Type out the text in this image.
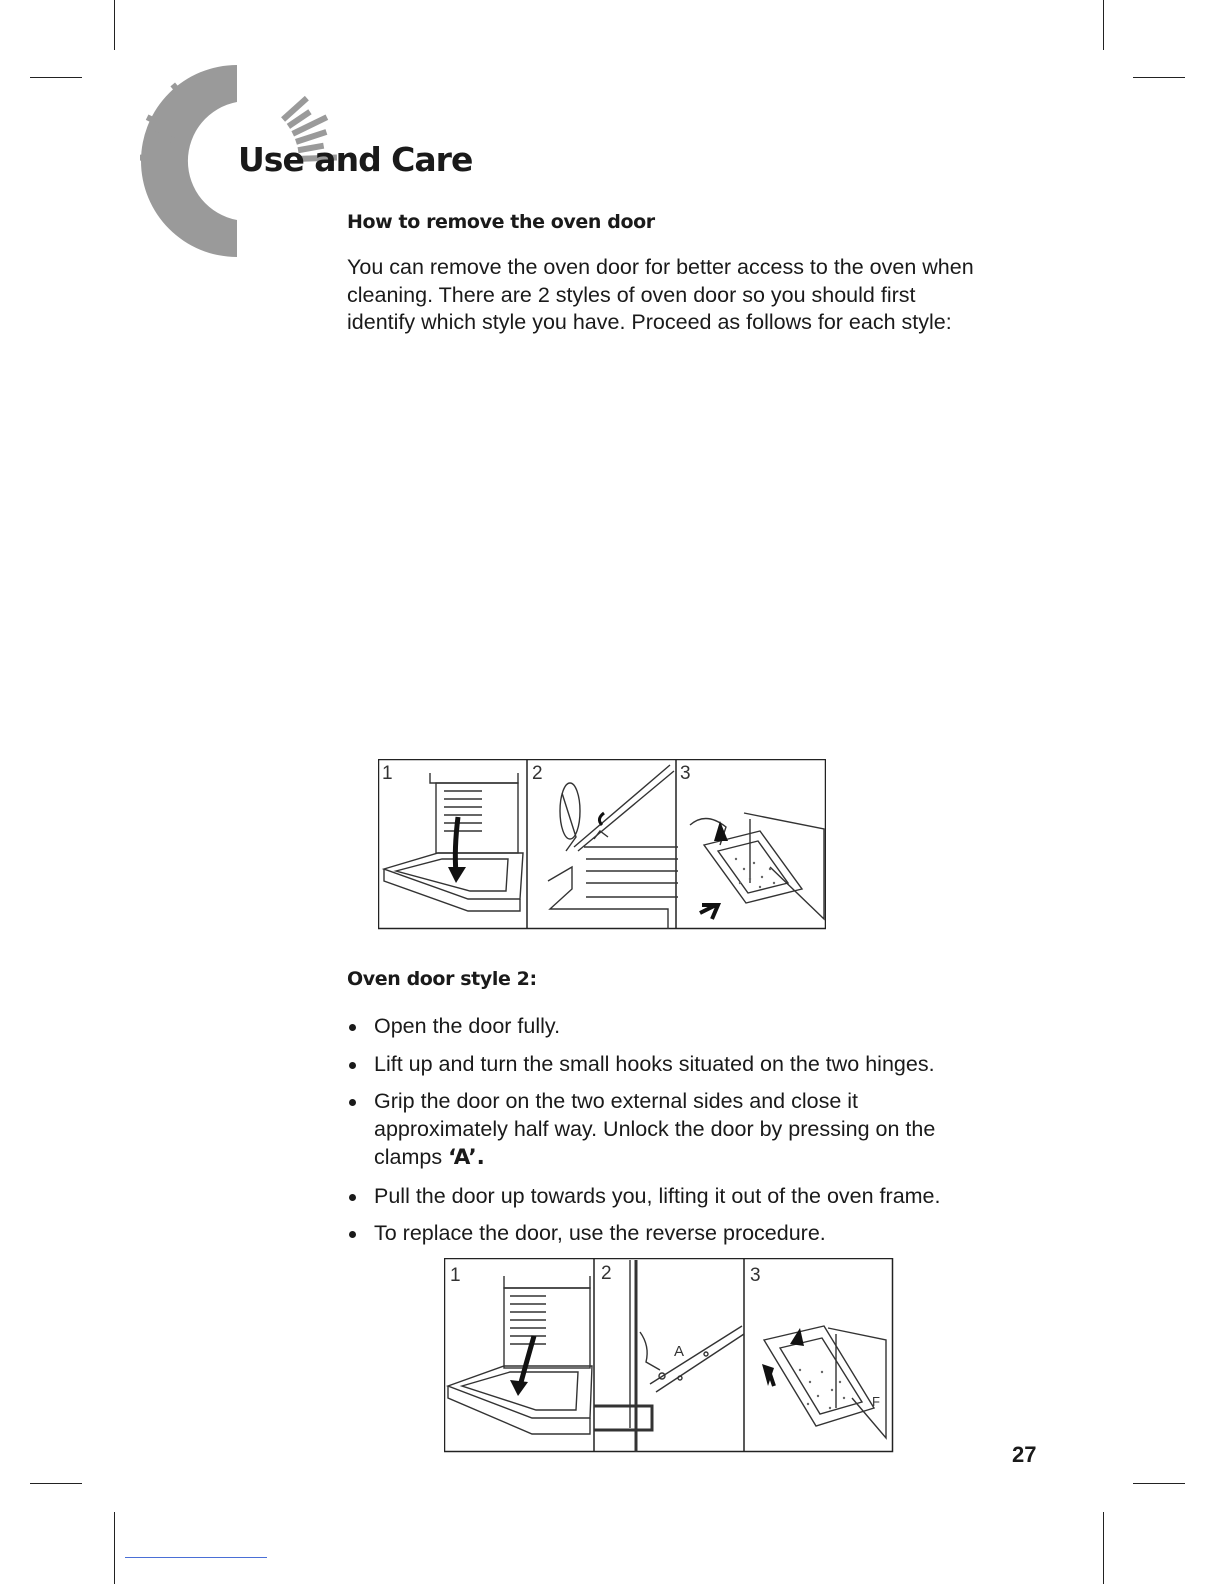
Use and Care
How to remove the oven door

You can remove the oven door for better access to the oven when
cleaning. There are 2 styles of oven door so you should first
identify which style you have. Proceed as follows for each style:

1	2	3
Oven door style 2:
Open the door fully.
Lift up and turn the small hooks situated on the two hinges.
Grip the door on the two external sides and close it
approximately half way. Unlock the door by pressing on the
clamps ‘A’.
Pull the door up towards you, lifting it out of the oven frame.
To replace the door, use the reverse procedure.
1	2	3
A
F
27
